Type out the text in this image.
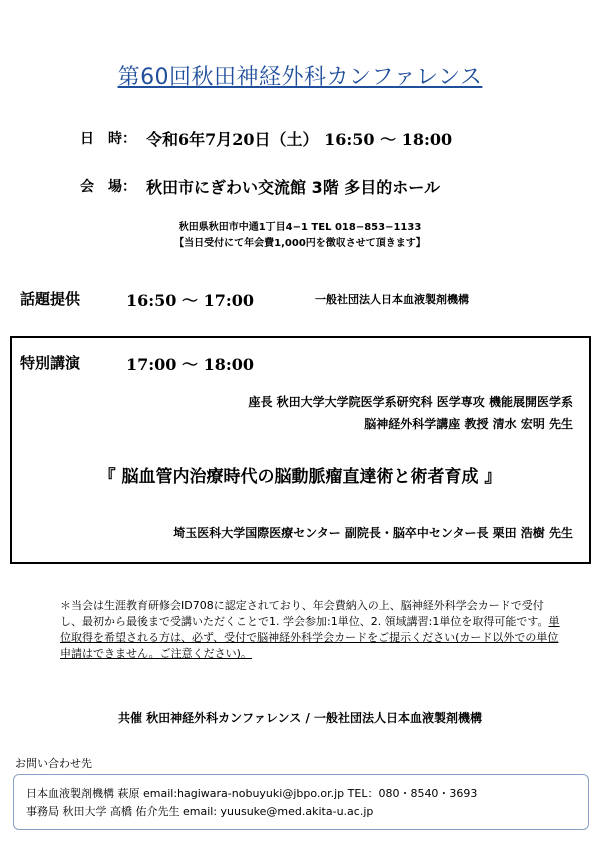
第60回秋田神経外科カンファレンス
日　時： 令和6年7月20日（土） 16:50 ～ 18:00
会　場： 秋田市にぎわい交流館 3階 多目的ホール
秋田県秋田市中通1丁目4−1 TEL 018−853−1133
【当日受付にて年会費1,000円を徴収させて頂きます】
話題提供	16:50 ～ 17:00	一般社団法人日本血液製剤機構
特別講演	17:00 ～ 18:00
座長 秋田大学大学院医学系研究科 医学専攻 機能展開医学系
脳神経外科学講座 教授 清水 宏明 先生
『 脳血管内治療時代の脳動脈瘤直達術と術者育成 』
埼玉医科大学国際医療センター 副院長・脳卒中センター長 栗田 浩樹 先生
＊当会は生涯教育研修会ID708に認定されており、年会費納入の上、脳神経外科学会カードで受付し、最初から最後まで受講いただくことで1. 学会参加:1単位、2. 領域講習:1単位を取得可能です。単位取得を希望される方は、必ず、受付で脳神経外科学会カードをご提示ください(カード以外での単位申請はできません。ご注意ください)。
共催 秋田神経外科カンファレンス / 一般社団法人日本血液製剤機構
お問い合わせ先
日本血液製剤機構 萩原 email:hagiwara-nobuyuki@jbpo.or.jp TEL：080・8540・3693
事務局 秋田大学 高橋 佑介先生 email: yuusuke@med.akita-u.ac.jp
